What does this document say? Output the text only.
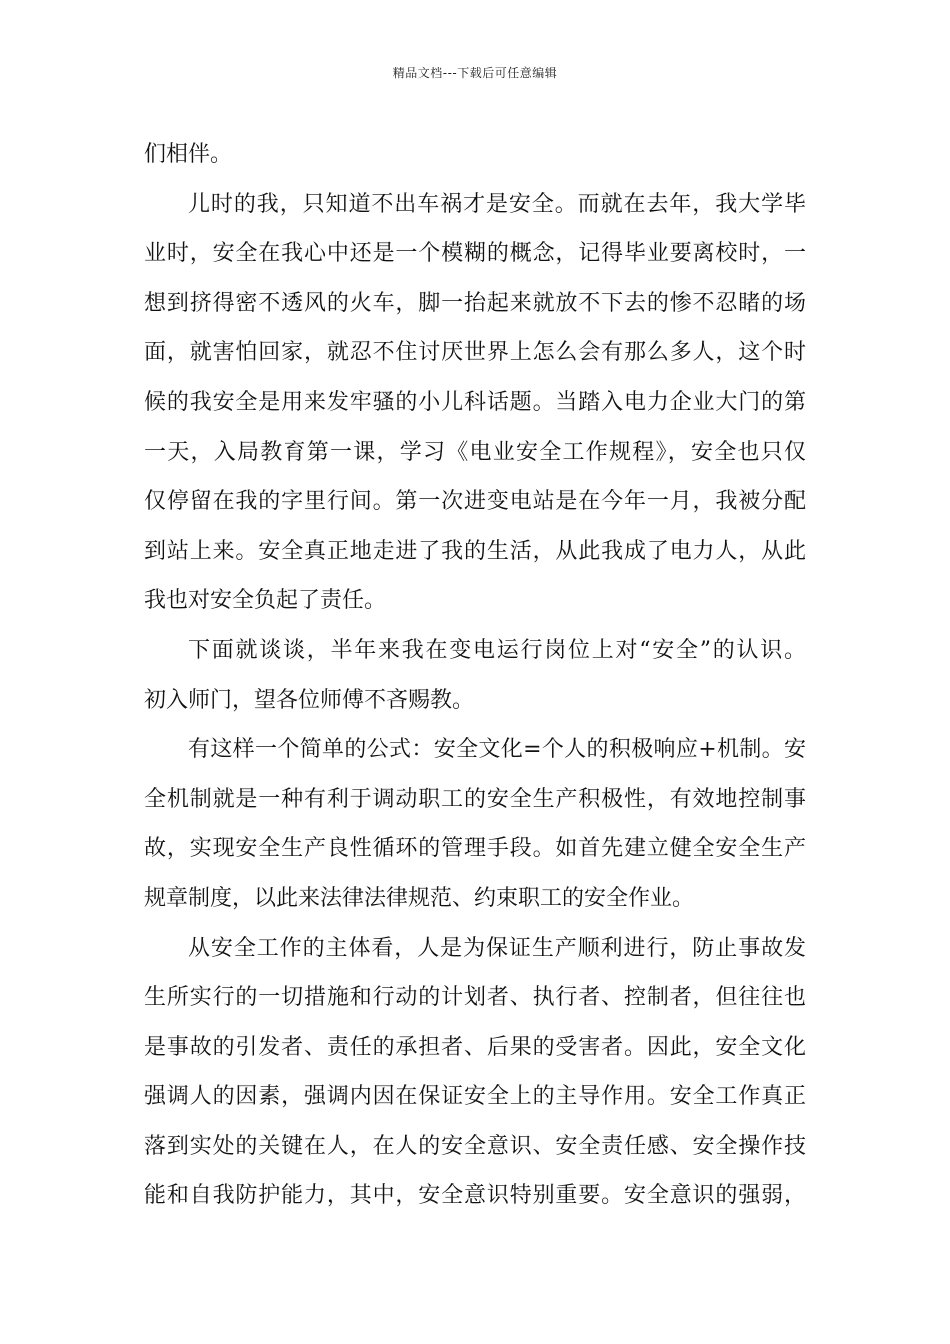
精品文档---下载后可任意编辑
们相伴。
儿时的我，只知道不出车祸才是安全。而就在去年，我大学毕
业时，安全在我心中还是一个模糊的概念，记得毕业要离校时，一
想到挤得密不透风的火车，脚一抬起来就放不下去的惨不忍睹的场
面，就害怕回家，就忍不住讨厌世界上怎么会有那么多人，这个时
候的我安全是用来发牢骚的小儿科话题。当踏入电力企业大门的第
一天，入局教育第一课，学习《电业安全工作规程》，安全也只仅
仅停留在我的字里行间。第一次进变电站是在今年一月，我被分配
到站上来。安全真正地走进了我的生活，从此我成了电力人，从此
我也对安全负起了责任。
下面就谈谈，半年来我在变电运行岗位上对“安全”的认识。
初入师门，望各位师傅不吝赐教。
有这样一个简单的公式：安全文化=个人的积极响应+机制。安
全机制就是一种有利于调动职工的安全生产积极性，有效地控制事
故，实现安全生产良性循环的管理手段。如首先建立健全安全生产
规章制度，以此来法律法律规范、约束职工的安全作业。
从安全工作的主体看，人是为保证生产顺利进行，防止事故发
生所实行的一切措施和行动的计划者、执行者、控制者，但往往也
是事故的引发者、责任的承担者、后果的受害者。因此，安全文化
强调人的因素，强调内因在保证安全上的主导作用。安全工作真正
落到实处的关键在人，在人的安全意识、安全责任感、安全操作技
能和自我防护能力，其中，安全意识特别重要。安全意识的强弱，
